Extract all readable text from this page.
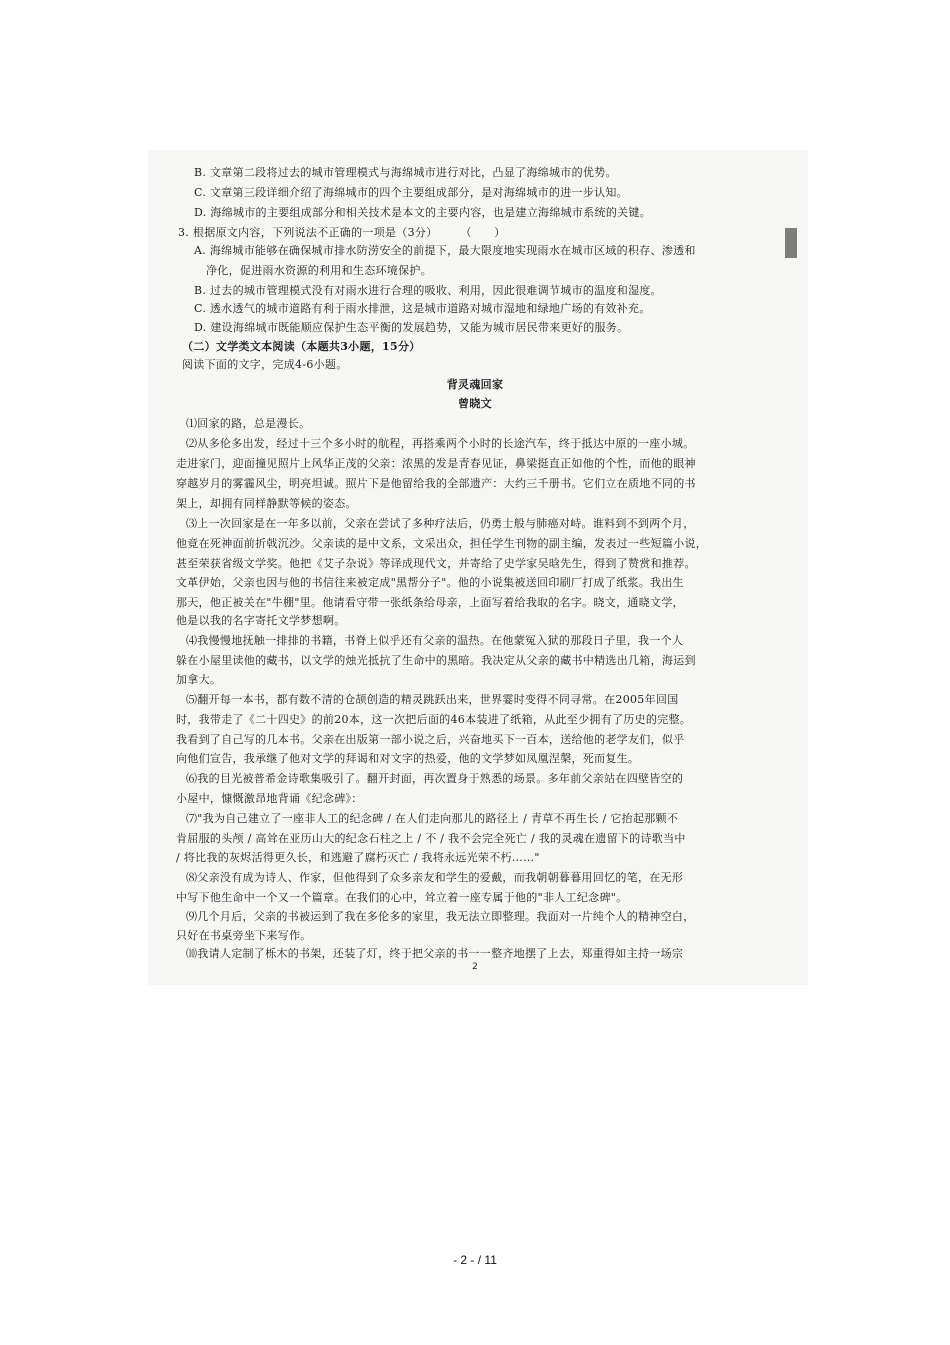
B. 文章第二段将过去的城市管理模式与海绵城市进行对比，凸显了海绵城市的优势。
C. 文章第三段详细介绍了海绵城市的四个主要组成部分，是对海绵城市的进一步认知。
D. 海绵城市的主要组成部分和相关技术是本文的主要内容，也是建立海绵城市系统的关键。
3. 根据原文内容，下列说法不正确的一项是（3分）　　　（　　）
A. 海绵城市能够在确保城市排水防涝安全的前提下，最大限度地实现雨水在城市区域的积存、渗透和
净化，促进雨水资源的利用和生态环境保护。
B. 过去的城市管理模式没有对雨水进行合理的吸收、利用，因此很难调节城市的温度和湿度。
C. 透水透气的城市道路有利于雨水排泄，这是城市道路对城市湿地和绿地广场的有效补充。
D. 建设海绵城市既能顺应保护生态平衡的发展趋势，又能为城市居民带来更好的服务。
（二）文学类文本阅读（本题共3小题，15分）
阅读下面的文字，完成4-6小题。
背灵魂回家
曾晓文
⑴回家的路，总是漫长。
⑵从多伦多出发，经过十三个多小时的航程，再搭乘两个小时的长途汽车，终于抵达中原的一座小城。
走进家门，迎面撞见照片上风华正茂的父亲：浓黑的发是青春见证，鼻梁挺直正如他的个性，而他的眼神
穿越岁月的雾霾风尘，明亮坦诚。照片下是他留给我的全部遗产：大约三千册书。它们立在质地不同的书
架上，却拥有同样静默等候的姿态。
⑶上一次回家是在一年多以前，父亲在尝试了多种疗法后，仍勇士般与肺癌对峙。谁料到不到两个月，
他竟在死神面前折戟沉沙。父亲读的是中文系，文采出众，担任学生刊物的副主编，发表过一些短篇小说，
甚至荣获省级文学奖。他把《艾子杂说》等译成现代文，并寄给了史学家吴晗先生，得到了赞赏和推荐。
文革伊始，父亲也因与他的书信往来被定成"黑帮分子"。他的小说集被送回印刷厂打成了纸浆。我出生
那天，他正被关在"牛棚"里。他请看守带一张纸条给母亲，上面写着给我取的名字。晓文，通晓文学，
他是以我的名字寄托文学梦想啊。
⑷我慢慢地抚触一排排的书籍，书脊上似乎还有父亲的温热。在他蒙冤入狱的那段日子里，我一个人
躲在小屋里读他的藏书，以文学的烛光抵抗了生命中的黑暗。我决定从父亲的藏书中精选出几箱，海运到
加拿大。
⑸翻开每一本书，都有数不清的仓颉创造的精灵跳跃出来，世界霎时变得不同寻常。在2005年回国
时，我带走了《二十四史》的前20本，这一次把后面的46本装进了纸箱，从此至少拥有了历史的完整。
我看到了自己写的几本书。父亲在出版第一部小说之后，兴奋地买下一百本，送给他的老学友们，似乎
向他们宣告，我承继了他对文学的拜谒和对文字的热爱，他的文学梦如凤凰涅槃，死而复生。
⑹我的目光被普希金诗歌集吸引了。翻开封面，再次置身于熟悉的场景。多年前父亲站在四壁皆空的
小屋中，慷慨激昂地背诵《纪念碑》：
⑺"我为自己建立了一座非人工的纪念碑 / 在人们走向那儿的路径上 / 青草不再生长 / 它抬起那颗不
肯屈服的头颅 / 高耸在亚历山大的纪念石柱之上 / 不 / 我不会完全死亡 / 我的灵魂在遗留下的诗歌当中
/ 将比我的灰烬活得更久长，和逃避了腐朽灭亡 / 我将永远光荣不朽……"
⑻父亲没有成为诗人、作家，但他得到了众多亲友和学生的爱戴，而我朝朝暮暮用回忆的笔，在无形
中写下他生命中一个又一个篇章。在我们的心中，耸立着一座专属于他的"非人工纪念碑"。
⑼几个月后，父亲的书被运到了我在多伦多的家里，我无法立即整理。我面对一片纯个人的精神空白，
只好在书桌旁坐下来写作。
⑽我请人定制了栎木的书架，还装了灯，终于把父亲的书一一整齐地摆了上去，郑重得如主持一场宗
2
- 2 - / 11
